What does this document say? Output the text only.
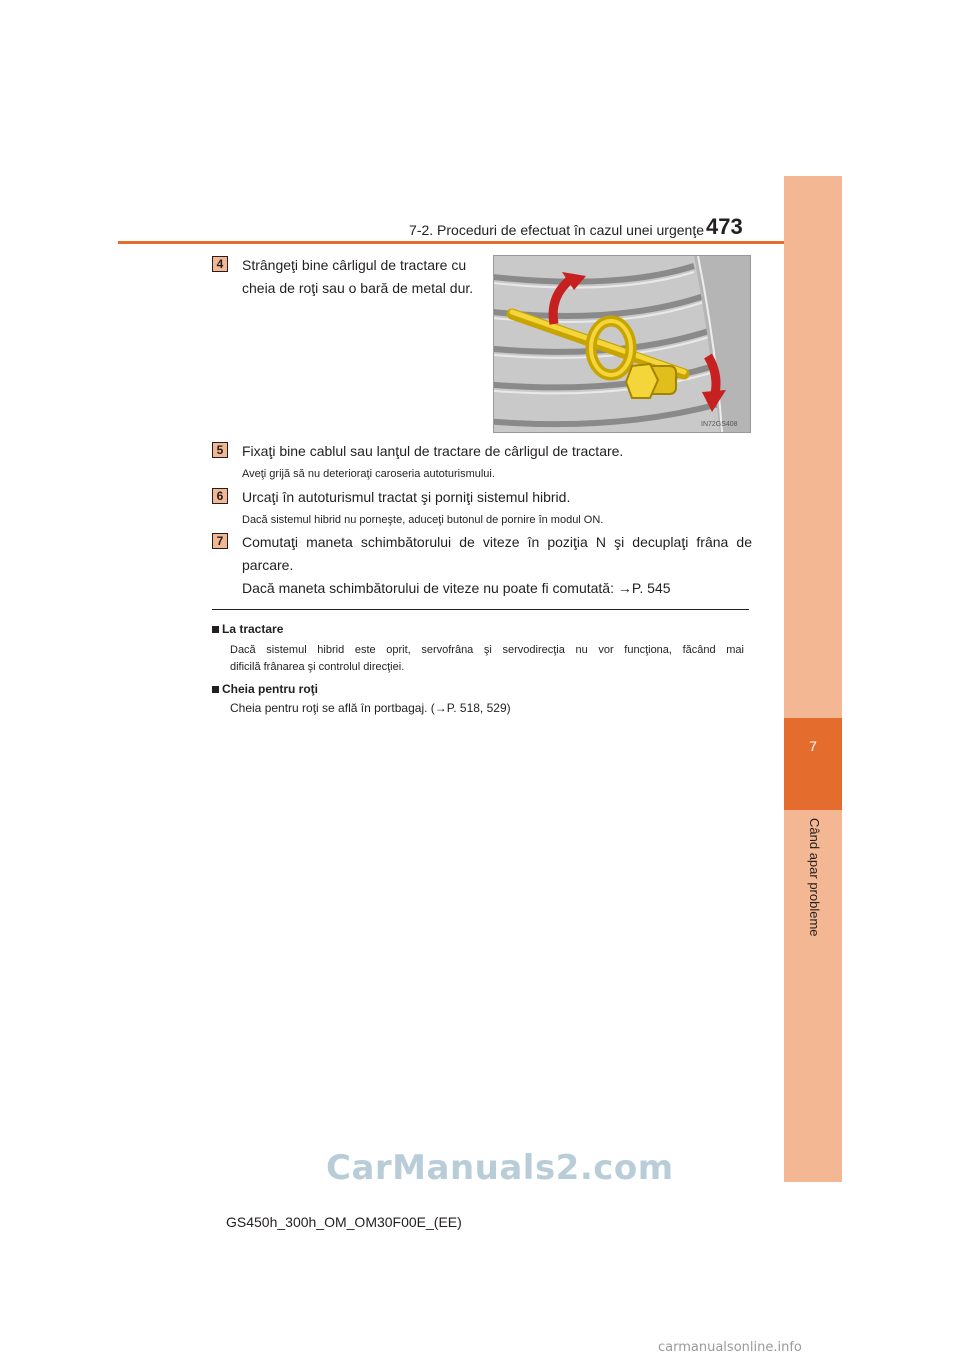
7
Când apar probleme
7-2. Proceduri de efectuat în cazul unei urgenţe 473
4	Strângeţi bine cârligul de tractare cu
cheia de roţi sau o bară de metal dur.
IN72GS408
5	Fixaţi bine cablul sau lanţul de tractare de cârligul de tractare.
Aveţi grijă să nu deterioraţi caroseria autoturismului.
6	Urcaţi în autoturismul tractat şi porniţi sistemul hibrid.
Dacă sistemul hibrid nu porneşte, aduceţi butonul de pornire în modul ON.
7	Comutaţi maneta schimbătorului de viteze în poziţia N şi decuplaţi frâna de
parcare.
Dacă maneta schimbătorului de viteze nu poate fi comutată: →P. 545
La tractare
Dacă sistemul hibrid este oprit, servofrâna şi servodirecţia nu vor funcţiona, făcând mai
dificilă frânarea şi controlul direcţiei.
Cheia pentru roţi
Cheia pentru roţi se află în portbagaj. (→P. 518, 529)
CarManuals2.com
GS450h_300h_OM_OM30F00E_(EE)
carmanualsonline.info
